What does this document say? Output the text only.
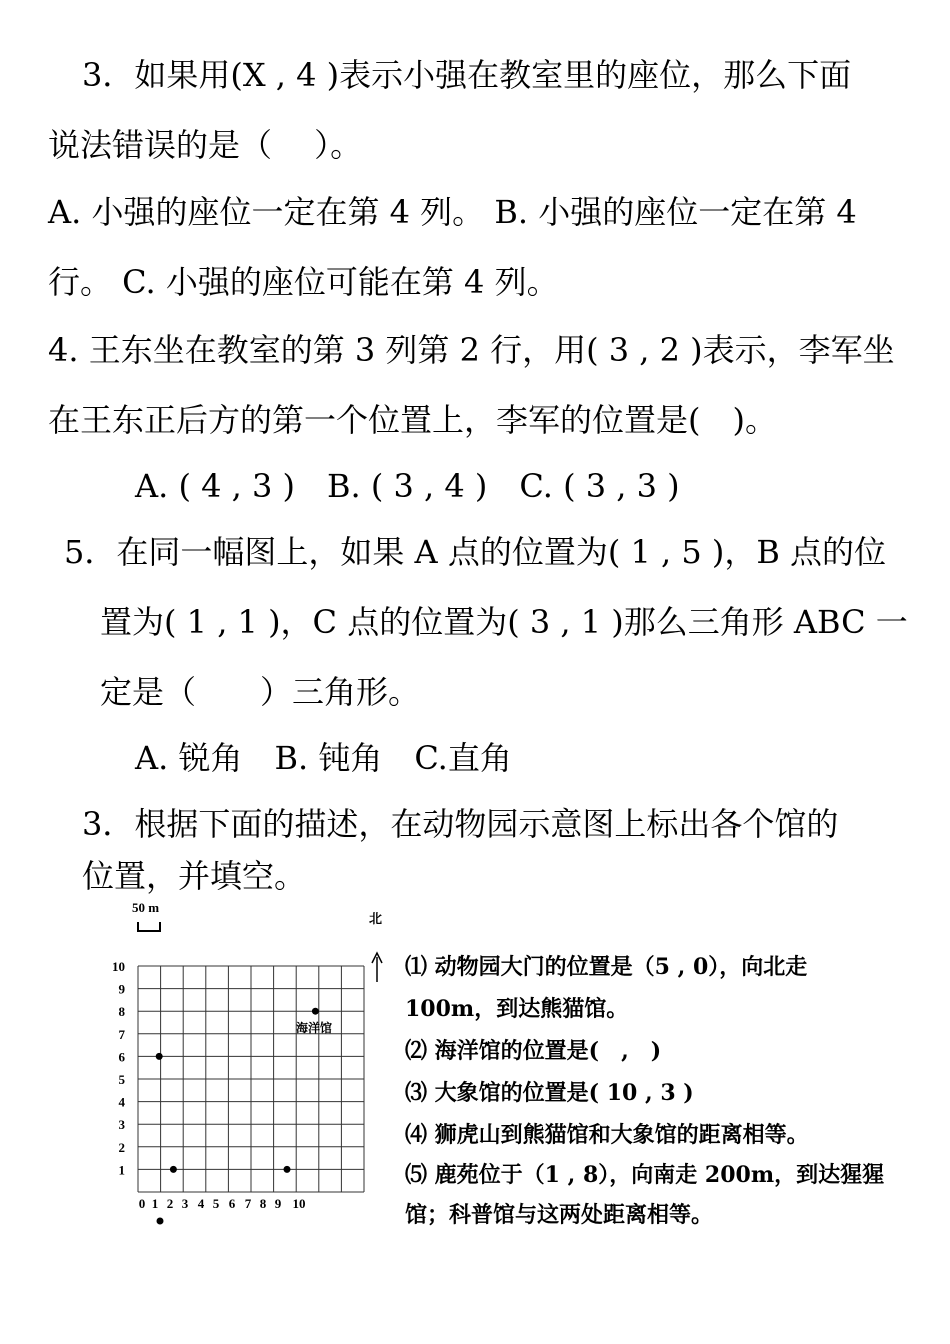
3．如果用(X , 4 )表示小强在教室里的座位，那么下面
说法错误的是（　 ）。
A. 小强的座位一定在第 4 列。 B. 小强的座位一定在第 4
行。 C. 小强的座位可能在第 4 列。
4. 王东坐在教室的第 3 列第 2 行，用( 3 , 2 )表示，李军坐
在王东正后方的第一个位置上，李军的位置是(　)。
A. ( 4 , 3 )　B. ( 3 , 4 )　C. ( 3 , 3 )
5．在同一幅图上，如果 A 点的位置为( 1 , 5 )，B 点的位
置为( 1 , 1 )，C 点的位置为( 3 , 1 )那么三角形 ABC 一
定是（　　）三角形。
A. 锐角　B. 钝角　C.直角
3．根据下面的描述，在动物园示意图上标出各个馆的
位置，并填空。
50 m
北
10
9
8
7
6
5
4
3
2
1
0 1 2 3 4 5 6 7 8 9 10
海洋馆
⑴ 动物园大门的位置是（5 , 0），向北走
100m，到达熊猫馆。
⑵ 海洋馆的位置是(　,　)
⑶ 大象馆的位置是( 10 , 3 )
⑷ 狮虎山到熊猫馆和大象馆的距离相等。
⑸ 鹿苑位于（1 , 8），向南走 200m，到达猩猩
馆；科普馆与这两处距离相等。
